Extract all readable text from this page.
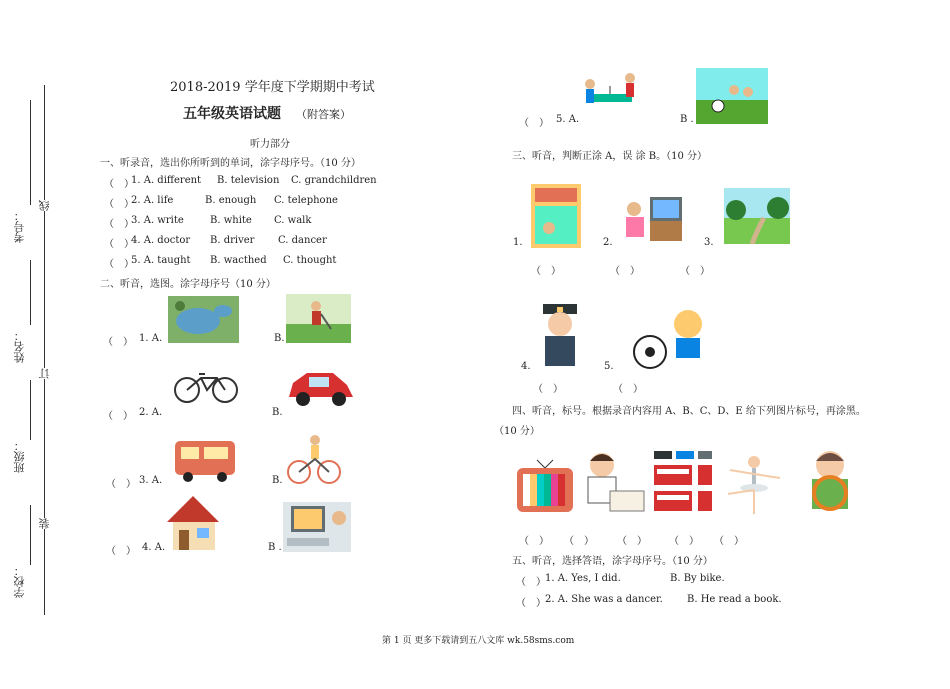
学校：
班级：
姓名：
考号：
装
订
线
2018-2019 学年度下学期期中考试
五年级英语试题 （附答案）
听力部分
一、听录音，选出你所听到的单词，涂字母序号。（10 分）
（　）
1. A. different B. television C. grandchildren
（　）
2. A. life	B. enough C. telephone
（　）
3. A. write	B. white C. walk
（　）
4. A. doctor B. driver C. dancer
（　）
5. A. taught B. wacthed C. thought
二、听音，选图。涂字母序号（10 分）
（　） 1. A.	B.
（　） 2. A.	B.
（　） 3. A.	B.
（　） 4. A.	B .
（　） 5. A.	B .
三、听音，判断正涂 A，误 涂 B。（10 分）
1.	2.	3.
（　）	（　）	（　）
4.	5.
（　）	（　）
四、听音，标号。根据录音内容用 A、B、C、D、E 给下列图片标号，再涂黑。
（10 分）
（　） （　） （　） （　） （　）
五、听音，选择答语，涂字母序号。（10 分）
（　） 1. A. Yes, I did.	B. By bike.
（　） 2. A. She was a dancer. B. He read a book.
第 1 页 更多下载请到五八文库 wk.58sms.com
